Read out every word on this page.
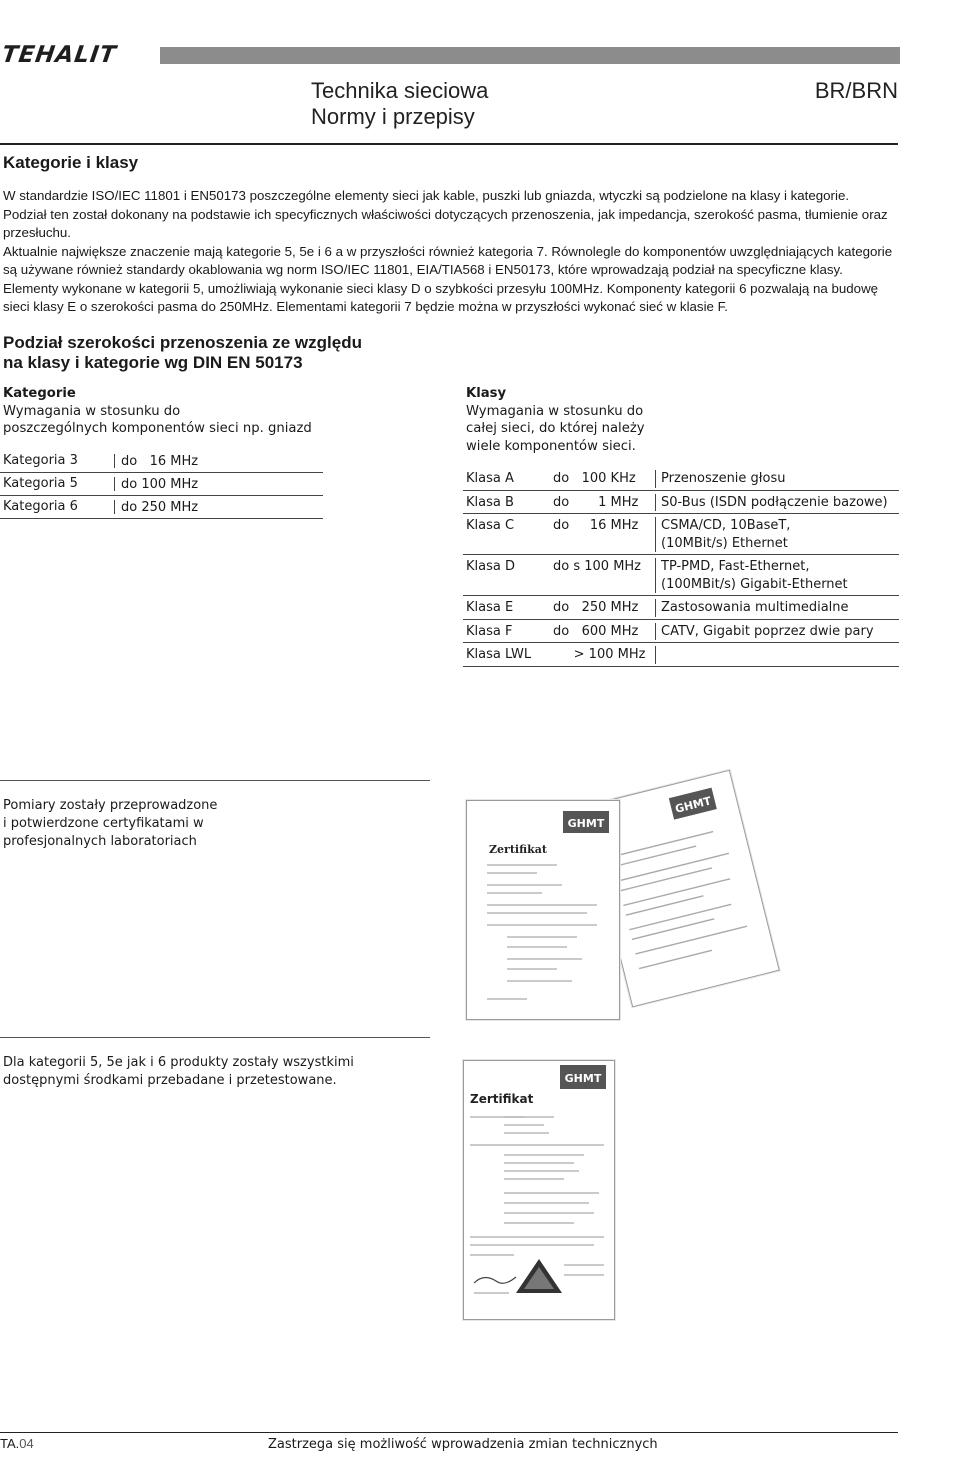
TEHALIT
Technika sieciowa
Normy i przepisy
BR/BRN
Kategorie i klasy

W standardzie ISO/IEC 11801 i EN50173 poszczególne elementy sieci jak kable, puszki lub gniazda, wtyczki są podzielone na klasy i kategorie. Podział ten został dokonany na podstawie ich specyficznych właściwości dotyczących przenoszenia, jak impedancja, szerokość pasma, tłumienie oraz przesłuchu.

Aktualnie największe znaczenie mają kategorie 5, 5e i 6 a w przyszłości również kategoria 7. Równolegle do komponentów uwzględniających kategorie są używane również standardy okablowania wg norm ISO/IEC 11801, EIA/TIA568 i EN50173, które wprowadzają podział na specyficzne klasy. Elementy wykonane w kategorii 5, umożliwiają wykonanie sieci klasy D o szybkości przesyłu 100MHz. Komponenty kategorii 6 pozwalają na budowę sieci klasy E o szerokości pasma do 250MHz. Elementami kategorii 7 będzie można w przyszłości wykonać sieć w klasie F.

Podział szerokości przenoszenia ze względu
na klasy i kategorie wg DIN EN 50173
Kategorie
Wymagania w stosunku do
poszczególnych komponentów sieci np. gniazd
Kategoria 3	do   16 MHz
Kategoria 5	do 100 MHz
Kategoria 6	do 250 MHz
Klasy
Wymagania w stosunku do
całej sieci, do której należy
wiele komponentów sieci.
Klasa A	do   100 KHz	Przenoszenie głosu
Klasa B	do       1 MHz	S0-Bus (ISDN podłączenie bazowe)
Klasa C	do     16 MHz	CSMA/CD, 10BaseT,
(10MBit/s) Ethernet
Klasa D	do s 100 MHz	TP-PMD, Fast-Ethernet,
(100MBit/s) Gigabit-Ethernet
Klasa E	do   250 MHz	Zastosowania multimedialne
Klasa F	do   600 MHz	CATV, Gigabit poprzez dwie pary
Klasa LWL	> 100 MHz

Pomiary zostały przeprowadzone
i potwierdzone certyfikatami w
profesjonalnych laboratoriach
GHMT
GHMT
Zertifikat
Dla kategorii 5, 5e jak i 6 produkty zostały wszystkimi
dostępnymi środkami przebadane i przetestowane.	GHMT
Zertifikat
TA.04	Zastrzega się możliwość wprowadzenia zmian technicznych
